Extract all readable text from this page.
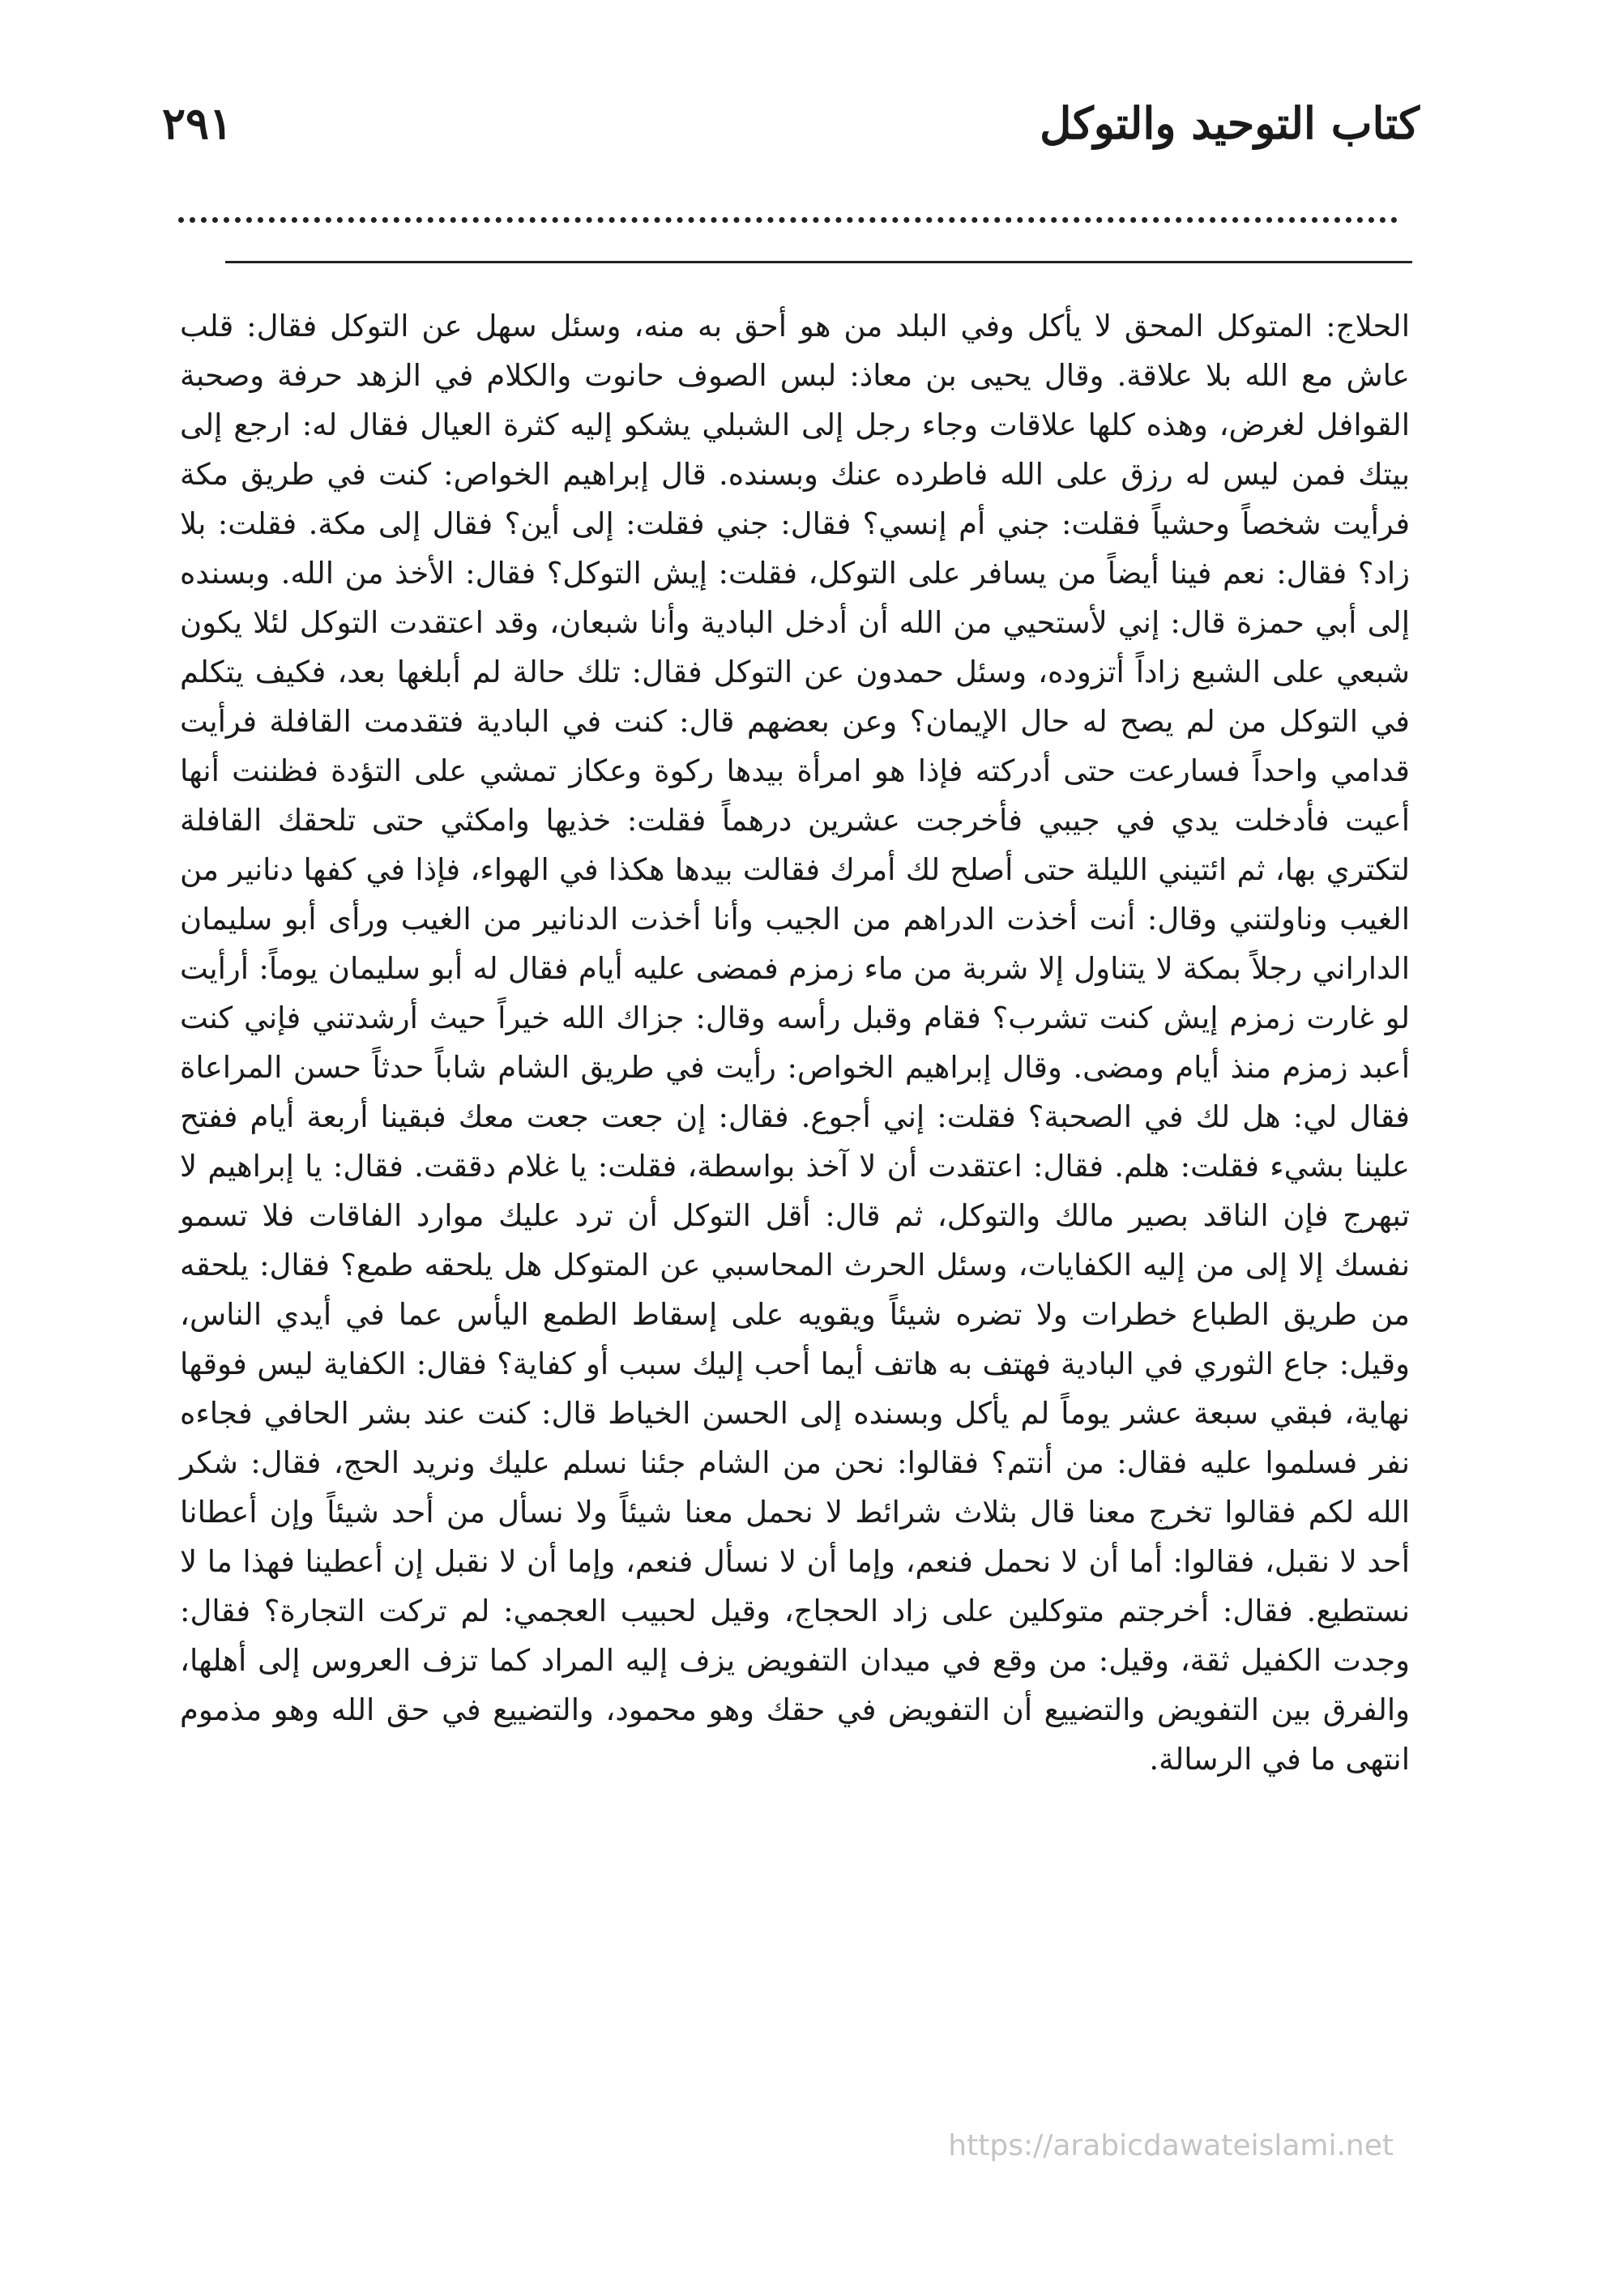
كتاب التوحيد والتوكل
٢٩١

الحلاج: المتوكل المحق لا يأكل وفي البلد من هو أحق به منه، وسئل سهل عن التوكل فقال: قلب عاش مع الله بلا علاقة. وقال يحيى بن معاذ: لبس الصوف حانوت والكلام في الزهد حرفة وصحبة القوافل لغرض، وهذه كلها علاقات وجاء رجل إلى الشبلي يشكو إليه كثرة العيال فقال له: ارجع إلى بيتك فمن ليس له رزق على الله فاطرده عنك وبسنده. قال إبراهيم الخواص: كنت في طريق مكة فرأيت شخصاً وحشياً فقلت: جني أم إنسي؟ فقال: جني فقلت: إلى أين؟ فقال إلى مكة. فقلت: بلا زاد؟ فقال: نعم فينا أيضاً من يسافر على التوكل، فقلت: إيش التوكل؟ فقال: الأخذ من الله. وبسنده إلى أبي حمزة قال: إني لأستحيي من الله أن أدخل البادية وأنا شبعان، وقد اعتقدت التوكل لئلا يكون شبعي على الشبع زاداً أتزوده، وسئل حمدون عن التوكل فقال: تلك حالة لم أبلغها بعد، فكيف يتكلم في التوكل من لم يصح له حال الإيمان؟ وعن بعضهم قال: كنت في البادية فتقدمت القافلة فرأيت قدامي واحداً فسارعت حتى أدركته فإذا هو امرأة بيدها ركوة وعكاز تمشي على التؤدة فظننت أنها أعيت فأدخلت يدي في جيبي فأخرجت عشرين درهماً فقلت: خذيها وامكثي حتى تلحقك القافلة لتكتري بها، ثم ائتيني الليلة حتى أصلح لك أمرك فقالت بيدها هكذا في الهواء، فإذا في كفها دنانير من الغيب وناولتني وقال: أنت أخذت الدراهم من الجيب وأنا أخذت الدنانير من الغيب ورأى أبو سليمان الداراني رجلاً بمكة لا يتناول إلا شربة من ماء زمزم فمضى عليه أيام فقال له أبو سليمان يوماً: أرأيت لو غارت زمزم إيش كنت تشرب؟ فقام وقبل رأسه وقال: جزاك الله خيراً حيث أرشدتني فإني كنت أعبد زمزم منذ أيام ومضى. وقال إبراهيم الخواص: رأيت في طريق الشام شاباً حدثاً حسن المراعاة فقال لي: هل لك في الصحبة؟ فقلت: إني أجوع. فقال: إن جعت جعت معك فبقينا أربعة أيام ففتح علينا بشيء فقلت: هلم. فقال: اعتقدت أن لا آخذ بواسطة، فقلت: يا غلام دققت. فقال: يا إبراهيم لا تبهرج فإن الناقد بصير مالك والتوكل، ثم قال: أقل التوكل أن ترد عليك موارد الفاقات فلا تسمو نفسك إلا إلى من إليه الكفايات، وسئل الحرث المحاسبي عن المتوكل هل يلحقه طمع؟ فقال: يلحقه من طريق الطباع خطرات ولا تضره شيئاً ويقويه على إسقاط الطمع اليأس عما في أيدي الناس، وقيل: جاع الثوري في البادية فهتف به هاتف أيما أحب إليك سبب أو كفاية؟ فقال: الكفاية ليس فوقها نهاية، فبقي سبعة عشر يوماً لم يأكل وبسنده إلى الحسن الخياط قال: كنت عند بشر الحافي فجاءه نفر فسلموا عليه فقال: من أنتم؟ فقالوا: نحن من الشام جئنا نسلم عليك ونريد الحج، فقال: شكر الله لكم فقالوا تخرج معنا قال بثلاث شرائط لا نحمل معنا شيئاً ولا نسأل من أحد شيئاً وإن أعطانا أحد لا نقبل، فقالوا: أما أن لا نحمل فنعم، وإما أن لا نسأل فنعم، وإما أن لا نقبل إن أعطينا فهذا ما لا نستطيع. فقال: أخرجتم متوكلين على زاد الحجاج، وقيل لحبيب العجمي: لم تركت التجارة؟ فقال: وجدت الكفيل ثقة، وقيل: من وقع في ميدان التفويض يزف إليه المراد كما تزف العروس إلى أهلها، والفرق بين التفويض والتضييع أن التفويض في حقك وهو محمود، والتضييع في حق الله وهو مذموم انتهى ما في الرسالة.

https://arabicdawateislami.net
